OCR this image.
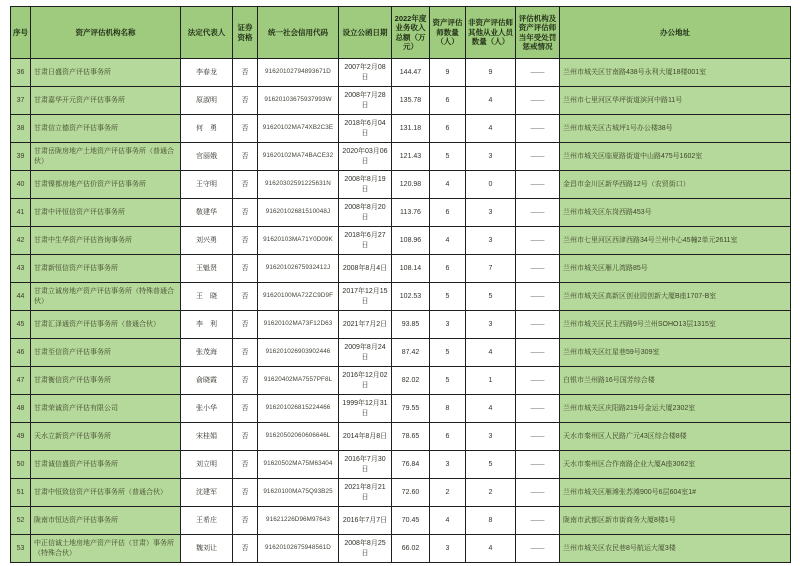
序号	资产评估机构名称	法定代表人	证券资格	统一社会信用代码	设立公函日期	2022年度业务收入总额（万元）	资产评估师数量（人）	非资产评估师其他从业人员数量（人）	评估机构及资产评估师当年受处罚惩戒情况	办公地址
36	甘肃日盛资产评估事务所	李春龙	否	91620102794893671D	2007年2月08日	144.47	9	9	——	兰州市城关区甘南路438号永利大厦18楼001室
37	甘肃嘉华开元资产评估事务所	原淑明	否	91620103675937993W	2008年7月28日	135.78	6	4	——	兰州市七里河区华坪街道滨河中路11号
38	甘肃信立德资产评估事务所	何　勇	否	91620102MA74XB2C3E	2018年6月04日	131.18	6	4	——	兰州市城关区古城坪1号办公楼38号
39	甘肃岳陇房地产土地资产评估事务所（普通合伙）	官丽娥	否	91620102MA74BACE32	2020年03月06日	121.43	5	3	——	兰州市城关区临夏路街道中山路475号1602室
40	甘肃镍都房地产估价资产评估事务所	王守明	否	91620302591225631N	2008年8月19日	120.98	4	0	——	金昌市金川区新华西路12号（农贸街口）
41	甘肃中评恒信资产评估事务所	敬建华	否	91620102681510048J	2008年8月20日	113.76	6	3	——	兰州市城关区东岗西路453号
42	甘肃中生华资产评估咨询事务所	刘兴勇	否	91620103MA71Y0D09K	2018年6月27日	108.96	4	3	——	兰州市七里河区西津西路34号兰州中心45幢2单元2611室
43	甘肃新恒信资产评估事务所	王魁贤	否	91620102675932412J	2008年8月4日	108.14	6	7	——	兰州市城关区雁儿湾路85号
44	甘肃立诚房地产资产评估事务所（特殊普通合伙）	王　晓	否	91620100MA72ZC9D9F	2017年12月15日	102.53	5	5	——	兰州市城关区高新区创业园创新大厦B座1707-B室
45	甘肃汇泽通资产评估事务所（普通合伙）	李　利	否	91620102MA73F12D63	2021年7月2日	93.85	3	3	——	兰州市城关区民主西路9号兰州SOHO13层1315室
46	甘肃至信资产评估事务所	张茂海	否	916201026903902446	2009年8月24日	87.42	5	4	——	兰州市城关区红星巷59号309室
47	甘肃衡信资产评估事务所	俞晓霞	否	91620402MA7557PF8L	2016年12月02日	82.02	5	1	——	白银市兰州路16号国芳综合楼
48	甘肃荣诚资产评估有限公司	张小华	否	916201026815224466	1999年12月31日	79.55	8	4	——	兰州市城关区庆阳路219号金运大厦2302室
49	天水立新资产评估事务所	宋桂娟	否	91620502060606646L	2014年8月8日	78.65	6	3	——	天水市秦州区人民路广元43区综合楼8楼
50	甘肃诚信盛资产评估事务所	刘立明	否	91620502MA75M63404	2016年7月30日	76.84	3	5	——	天水市秦州区合作南路企业大厦A座3062室
51	甘肃中恒致信资产评估事务所（普通合伙）	沈建军	否	91620100MA75Q93B25	2021年8月21日	72.60	2	2	——	兰州市城关区雁滩张苏滩900号6层604室1#
52	陇南市恒达资产评估事务所	王希庄	否	91621226D96M97643	2016年7月7日	70.45	4	8	——	陇南市武都区新市街商务大厦8楼1号
53	中正信诚土地房地产资产评估（甘肃）事务所（特殊合伙）	魏刘让	否	91620102675948561D	2008年8月25日	66.02	3	4	——	兰州市城关区农民巷8号航运大厦3楼
